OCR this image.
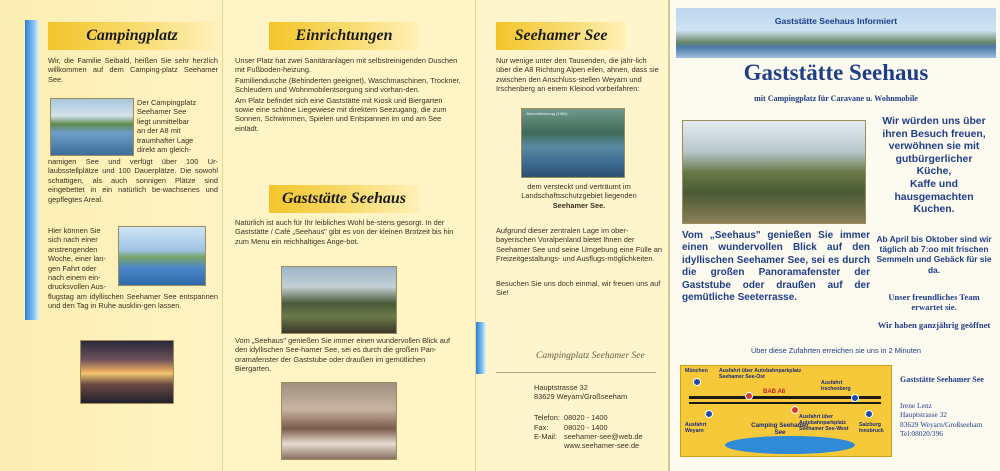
Campingplatz
Wir, die Familie Seibald, heißen Sie sehr herzlich willkommen auf dem Camping-platz Seehamer See.
Der Campingplatz
Seehamer See
liegt unmittelbar
an der A8 mit
traumhafter Lage
direkt am gleich-
namigen See und verfügt über 100 Ur-laubsstellplätze und 100 Dauerplätze. Die sowohl schattigen, als auch sonnigen Plätze sind eingebettet in ein natürlich be-wachsenes und gepflegtes Areal.
Hier können Sie
sich nach einer
anstrengenden
Woche, einer lan-
gen Fahrt oder
nach einem ein-
drucksvollen Aus-
flugstag am idyllischen Seehamer See entspannen und den Tag in Ruhe ausklin-gen lassen.
Einrichtungen

Unser Platz hat zwei Sanitäranlagen mit selbstreinigenden Duschen mit Fußboden-heizung.

Familiendusche (Behinderten geeignet), Waschmaschinen, Trockner, Schleudern und Wohnmobilentsorgung sind vorhan-den.

Am Platz befindet sich eine Gaststätte mit Kiosk und Biergarten sowie eine schöne Liegewiese mit direktem Seezugang, die zum Sonnen, Schwimmen, Spielen und Entspannen im und am See einlädt.

Gaststätte Seehaus
Natürlich ist auch für Ihr leibliches Wohl be-stens gesorgt. In der Gaststätte / Café „Seehaus" gibt es von der kleinen Brotzeit bis hin zum Menu ein reichhaltiges Ange-bot.
Vom „Seehaus" genießen Sie immer einen wundervollen Blick auf den idyllischen See-hamer See, sei es durch die großen Pan-oramafenster der Gaststube oder draußen im gemütlichen Biergarten.
Seehamer See
Nur wenige unter den Tausenden, die jähr-lich über die A8 Richtung Alpen eilen, ahnen, dass sie zwischen den Anschluss-stellen Weyarn und Irschenberg an einem Kleinod vorbeifahren:
Abendstimmung (1984) ...
dem versteckt und verträumt im Landschaftsschutzgebiet liegenden
Seehamer See.
Aufgrund dieser zentralen Lage im ober-bayerischen Voralpenland bietet Ihnen der Seehamer See und seine Umgebung eine Fülle an Freizeitgestaltungs- und Ausflugs-möglichkeiten.
Besuchen Sie uns doch einmal, wir freuen uns auf Sie!
Campingplatz Seehamer See
Hauptstrasse 32
83629 Weyarn/Großseeham
Telefon: 08020 - 1400
Fax:	08020 - 1400
E-Mail: seehamer-see@web.de
www.seehamer-see.de
Gaststätte Seehaus Informiert
Gaststätte Seehaus
mit Campingplatz für Caravane u. Wohnmobile
Wir würden uns über
ihren Besuch freuen,
verwöhnen sie mit
gutbürgerlicher
Küche,
Kaffe und
hausgemachten
Kuchen.
Vom „Seehaus" genießen Sie immer einen wundervollen Blick auf den idyllischen Seehamer See, sei es durch die großen Panoramafenster der Gaststube oder draußen auf der gemütliche Seeterrasse.
Ab April bis Oktober sind wir täglich ab 7:oo mit frischen Semmeln und Gebäck für sie da.
Unser freundliches Team erwartet sie.
Wir haben ganzjährig geöffnet
Über diese Zufahrten erreichen sie uns in 2 Minuten
München Ausfahrt über Autobahnparkplatz Seehamer See-Ost
Ausfahrt Irschenberg
Ausfahrt Weyarn
Salzburg Innsbruck
Ausfahrt über Autobahnparkplatz Seehamer See-West
BAB A8
Camping Seehamer See
Gaststätte Seehamer See
Irene Lenz
Hauptstrasse 32
83629 Weyarn/Großseeham
Tel:08020/396
